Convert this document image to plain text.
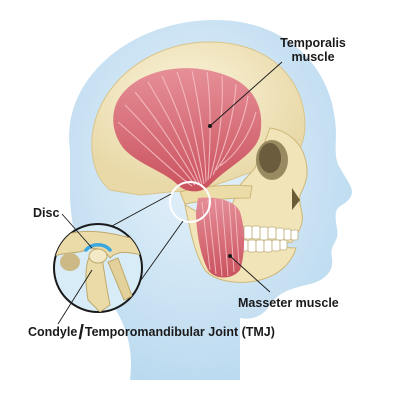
Temporalis
muscle
Disc
Masseter muscle
Condyle/Temporomandibular Joint (TMJ)
